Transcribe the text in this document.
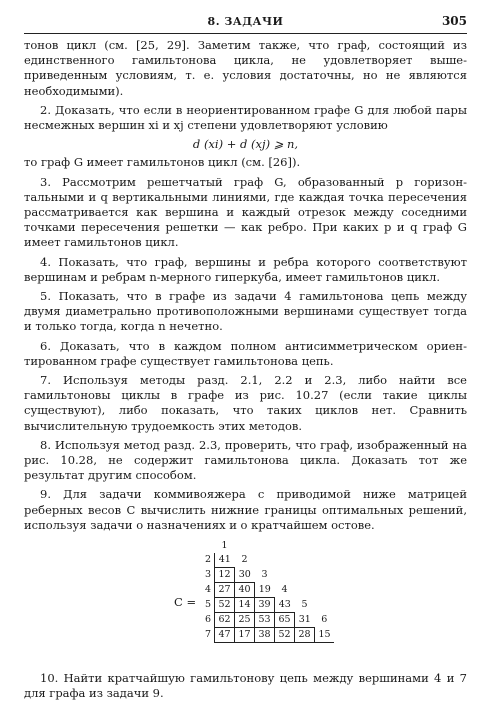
8. ЗАДАЧИ	305

тонов цикл (см. [25, 29]. Заметим также, что граф, состоящий из единственного гамильтонова цикла, не удовлетворяет вышеприведенным условиям, т. е. условия достаточны, но не являются необходимыми).

2. Доказать, что если в неориентированном графе G для любой пары несмежных вершин xi и xj степени удовлетворяют условию

d (xi) + d (xj) ⩾ n,

то граф G имеет гамильтонов цикл (см. [26]).

3. Рассмотрим решетчатый граф G, образованный p горизонтальными и q вертикальными линиями, где каждая точка пересечения рассматривается как вершина и каждый отрезок между соседними точками пересечения решетки — как ребро. При каких p и q граф G имеет гамильтонов цикл.

4. Показать, что граф, вершины и ребра которого соответствуют вершинам и ребрам n-мерного гиперкуба, имеет гамильтонов цикл.

5. Показать, что в графе из задачи 4 гамильтонова цепь между двумя диаметрально противоположными вершинами существует тогда и только тогда, когда n нечетно.

6. Доказать, что в каждом полном антисимметрическом ориентированном графе существует гамильтонова цепь.

7. Используя методы разд. 2.1, 2.2 и 2.3, либо найти все гамильтоновы циклы в графе из рис. 10.27 (если такие циклы существуют), либо показать, что таких циклов нет. Сравнить вычислительную трудоемкость этих методов.

8. Используя метод разд. 2.3, проверить, что граф, изображенный на рис. 10.28, не содержит гамильтонова цикла. Доказать тот же результат другим способом.

9. Для задачи коммивояжера с приводимой ниже матрицей реберных весов C вычислить нижние границы оптимальных решений, используя задачи о назначениях и о кратчайшем остове.

C =
	1					
2	41	2				
3	12	30	3			
4	27	40	19	4		
5	52	14	39	43	5	
6	62	25	53	65	31	6
7	47	17	38	52	28	15

10. Найти кратчайшую гамильтонову цепь между вершинами 4 и 7 для графа из задачи 9.
